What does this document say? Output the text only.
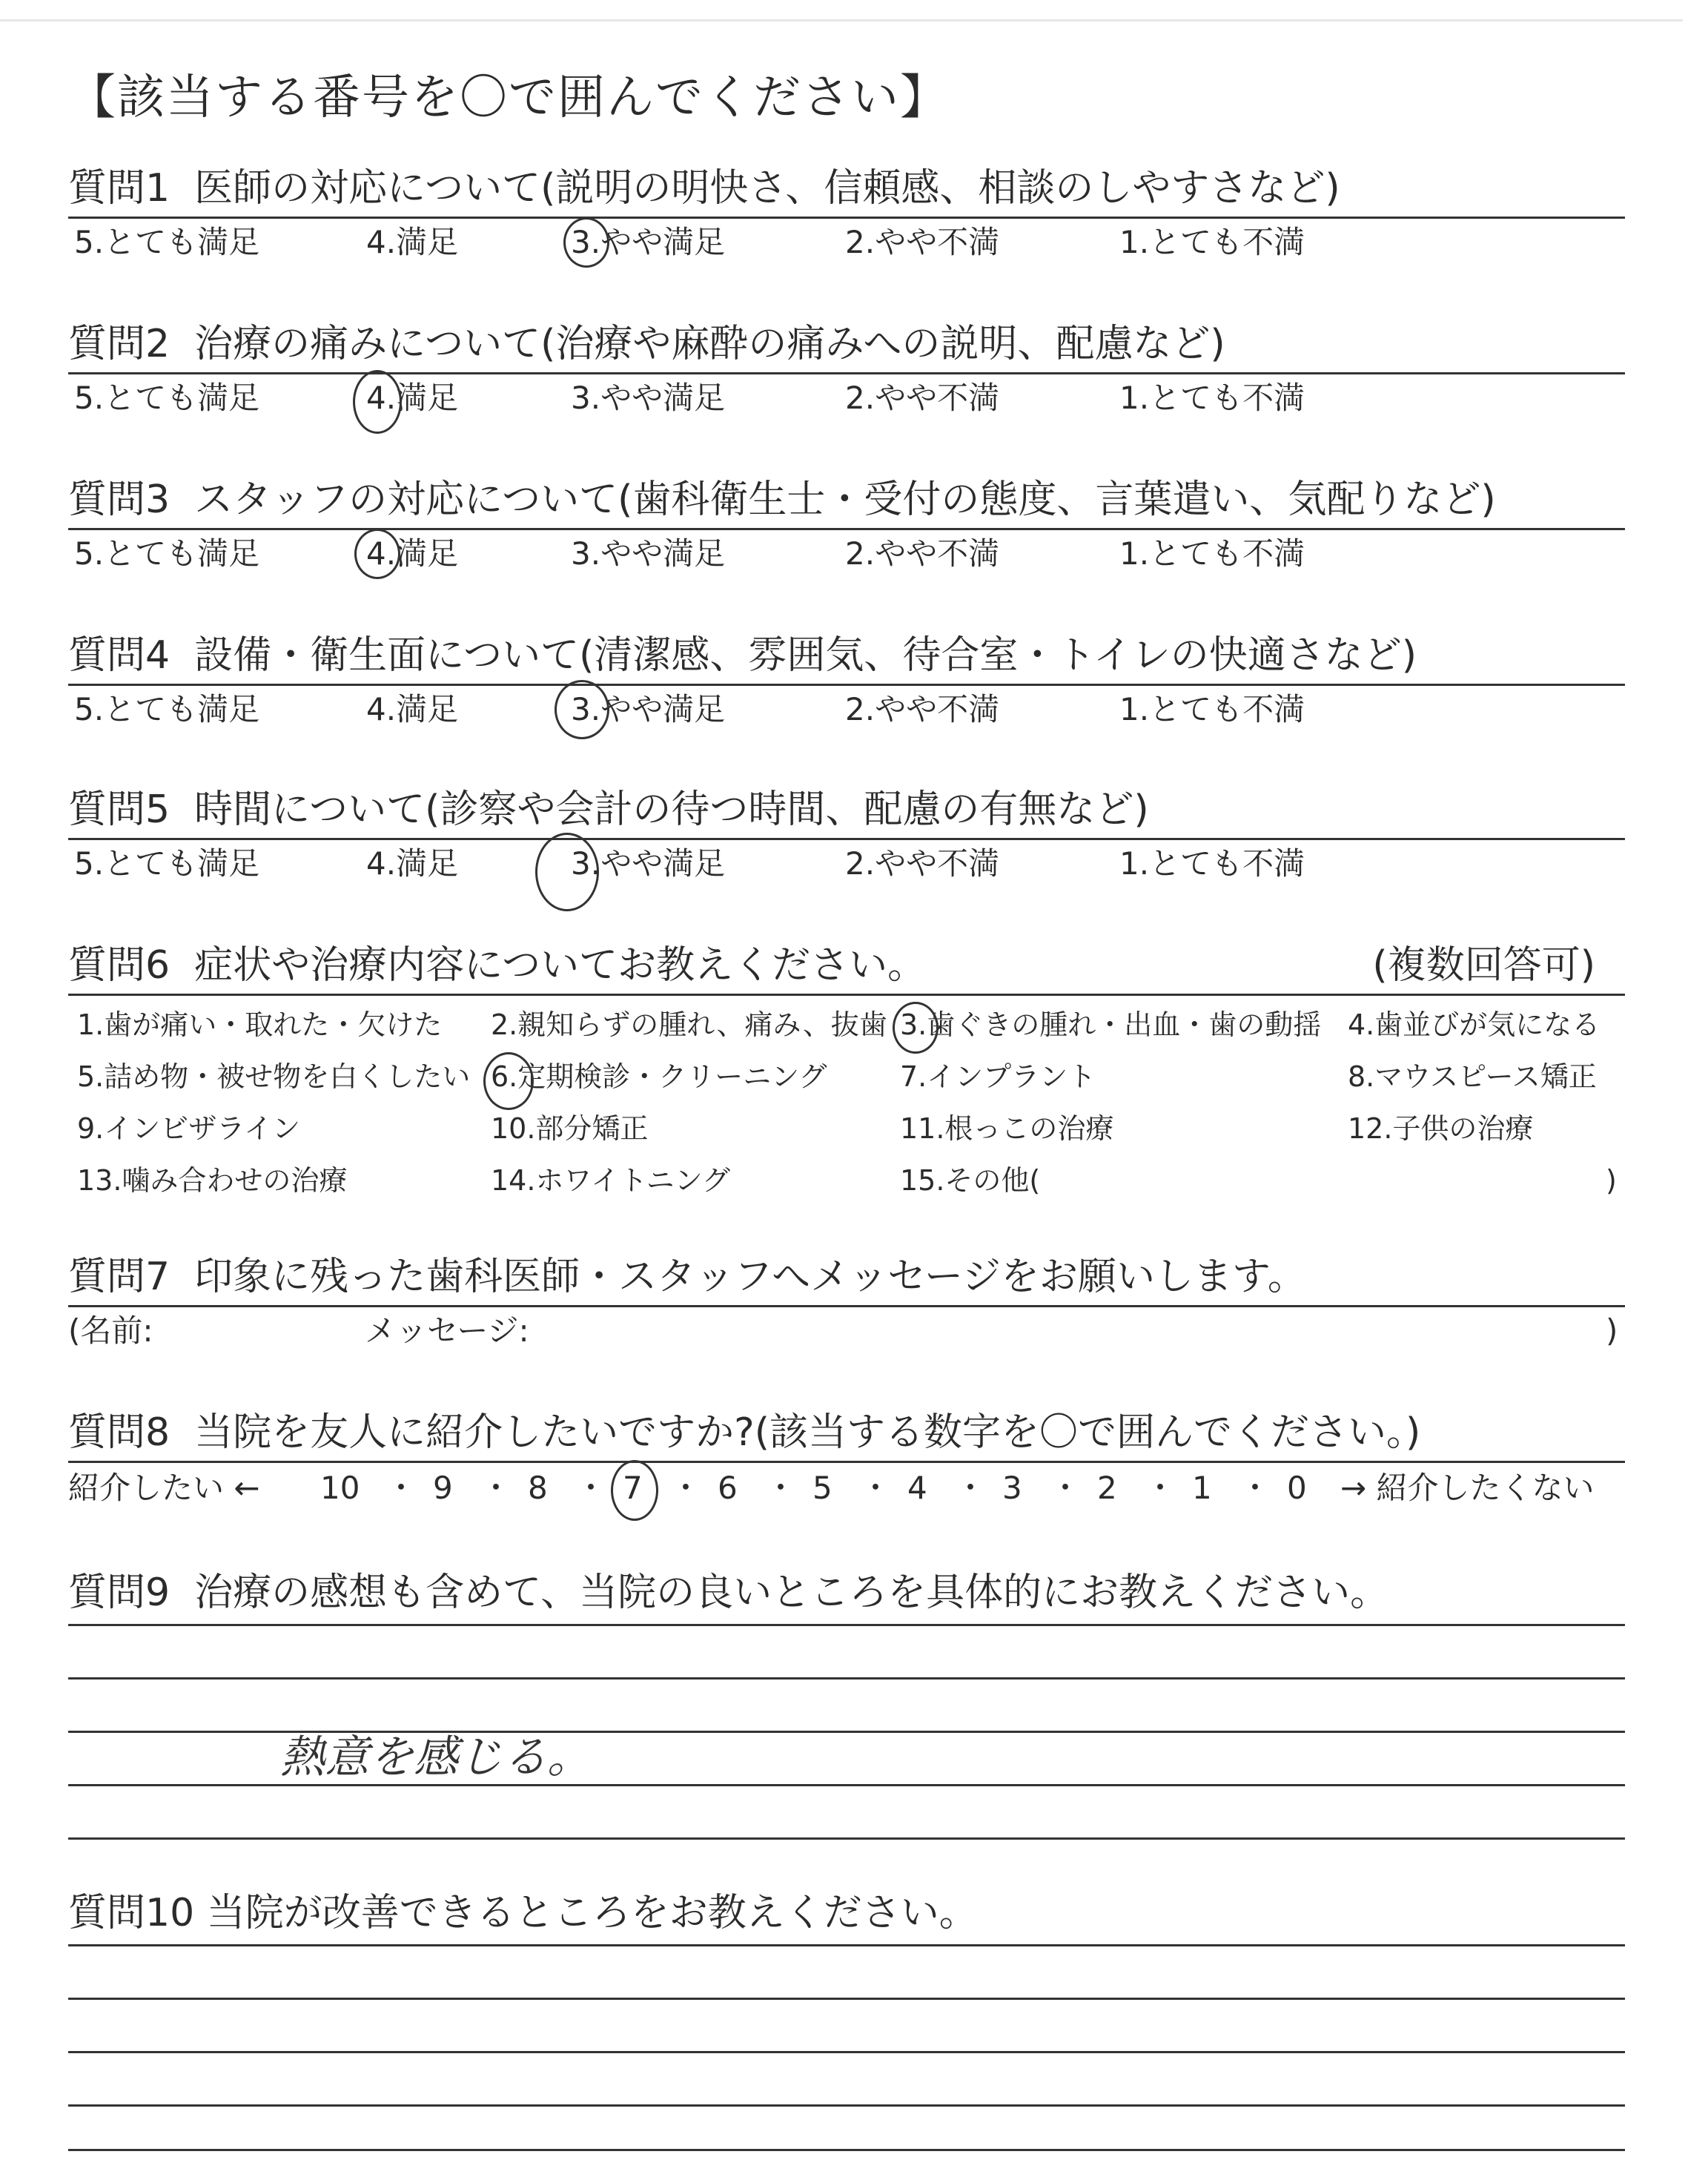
【該当する番号を〇で囲んでください】
質問1 医師の対応について(説明の明快さ、信頼感、相談のしやすさなど)
5.とても満足	4.満足	3.やや満足	2.やや不満	1.とても不満
質問2 治療の痛みについて(治療や麻酔の痛みへの説明、配慮など)
5.とても満足	4.満足	3.やや満足	2.やや不満	1.とても不満
質問3 スタッフの対応について(歯科衛生士・受付の態度、言葉遣い、気配りなど)
5.とても満足	4.満足	3.やや満足	2.やや不満	1.とても不満
質問4 設備・衛生面について(清潔感、雰囲気、待合室・トイレの快適さなど)
5.とても満足	4.満足	3.やや満足	2.やや不満	1.とても不満
質問5 時間について(診察や会計の待つ時間、配慮の有無など)
5.とても満足	4.満足	3.やや満足	2.やや不満	1.とても不満
質問6 症状や治療内容についてお教えください。	(複数回答可)
1.歯が痛い・取れた・欠けた 2.親知らずの腫れ、痛み、抜歯 3.歯ぐきの腫れ・出血・歯の動揺 4.歯並びが気になる
5.詰め物・被せ物を白くしたい 6.定期検診・クリーニング	7.インプラント	8.マウスピース矯正
9.インビザライン	10.部分矯正	11.根っこの治療	12.子供の治療
13.噛み合わせの治療	14.ホワイトニング	15.その他(	)
質問7 印象に残った歯科医師・スタッフへメッセージをお願いします。
(名前:	メッセージ:	)
質問8 当院を友人に紹介したいですか?(該当する数字を〇で囲んでください。)
紹介したい ← 10 9 8 7 6 5 4 3 2 1 0 → 紹介したくない
・ ・ ・ ・ ・ ・ ・ ・ ・ ・
質問9 治療の感想も含めて、当院の良いところを具体的にお教えください。
熱意を感じる。
質問10 当院が改善できるところをお教えください。
